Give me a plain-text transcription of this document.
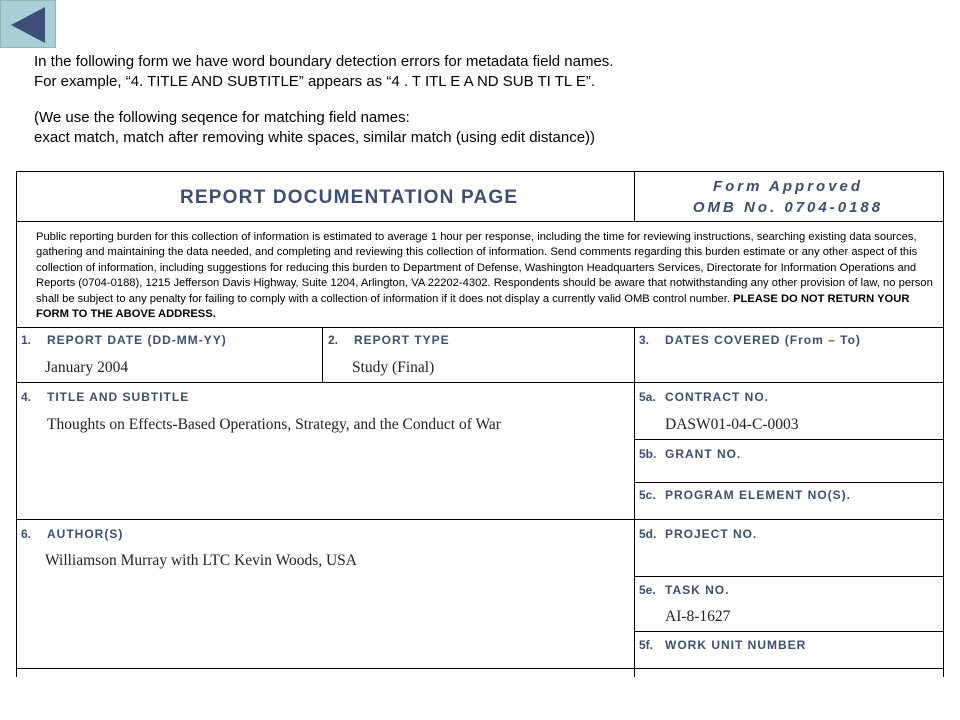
In the following form we have word boundary detection errors for metadata field names.
For example, “4. TITLE AND SUBTITLE” appears as “4 . T ITL E A ND SUB TI TL E”.
(We use the following seqence for matching field names:
exact match, match after removing white spaces, similar match (using edit distance))
REPORT DOCUMENTATION PAGE
Form Approved
OMB No. 0704-0188
Public reporting burden for this collection of information is estimated to average 1 hour per response, including the time for reviewing instructions, searching existing data sources, gathering and maintaining the data needed, and completing and reviewing this collection of information. Send comments regarding this burden estimate or any other aspect of this collection of information, including suggestions for reducing this burden to Department of Defense, Washington Headquarters Services, Directorate for Information Operations and Reports (0704-0188), 1215 Jefferson Davis Highway, Suite 1204, Arlington, VA 22202-4302. Respondents should be aware that notwithstanding any other provision of law, no person shall be subject to any penalty for failing to comply with a collection of information if it does not display a currently valid OMB control number. PLEASE DO NOT RETURN YOUR FORM TO THE ABOVE ADDRESS.
1. REPORT DATE (DD-MM-YY)
January 2004
2. REPORT TYPE
Study (Final)
3. DATES COVERED (From – To)
4. TITLE AND SUBTITLE
Thoughts on Effects-Based Operations, Strategy, and the Conduct of War
5a. CONTRACT NO.
DASW01-04-C-0003
5b. GRANT NO.
5c. PROGRAM ELEMENT NO(S).
6. AUTHOR(S)
Williamson Murray with LTC Kevin Woods, USA
5d. PROJECT NO.
5e. TASK NO.
AI-8-1627
5f. WORK UNIT NUMBER
